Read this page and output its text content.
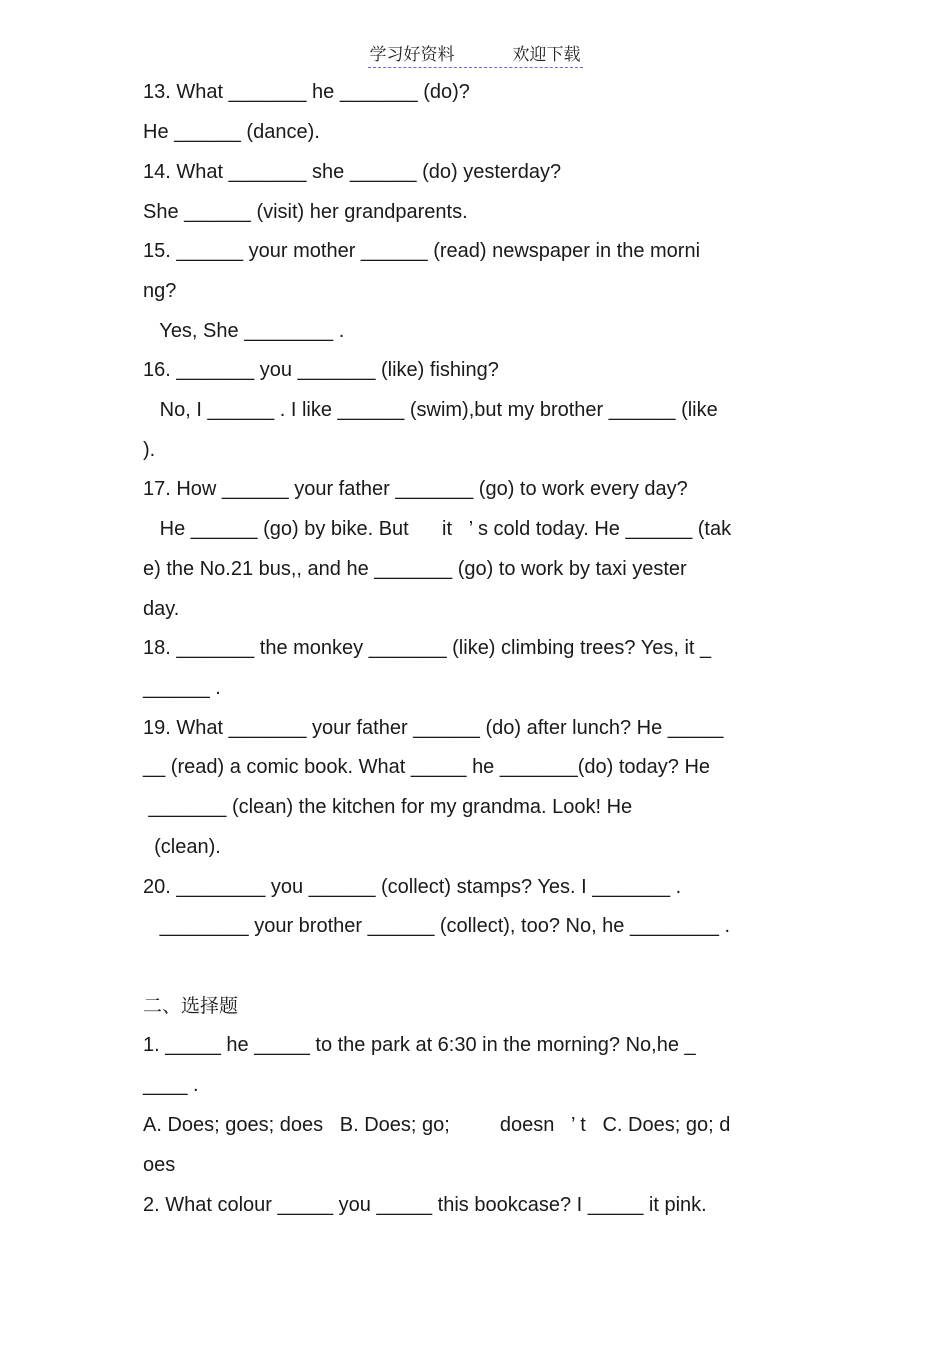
学习好资料	欢迎下载
13. What _______ he _______ (do)?
He ______ (dance).
14. What _______ she ______ (do) yesterday?
She ______ (visit) her grandparents.
15. ______ your mother ______ (read) newspaper in the morni
ng?
Yes, She ________ .
16. _______ you _______ (like) fishing?
No, I ______ . I like ______ (swim),but my brother ______ (like
).
17. How ______ your father _______ (go) to work every day?
He ______ (go) by bike. But      it   ’ s cold today. He ______ (tak
e) the No.21 bus,, and he _______ (go) to work by taxi yester
day.
18. _______ the monkey _______ (like) climbing trees? Yes, it _
______ .
19. What _______ your father ______ (do) after lunch? He _____
__ (read) a comic book. What _____ he _______(do) today? He
_______ (clean) the kitchen for my grandma. Look! He
(clean).
20. ________ you ______ (collect) stamps? Yes. I _______ .
________ your brother ______ (collect), too? No, he ________ .
二、选择题
1. _____ he _____ to the park at 6:30 in the morning? No,he _
____ .
A. Does; goes; does   B. Does; go;         doesn   ’ t   C. Does; go; d
oes
2. What colour _____ you _____ this bookcase? I _____ it pink.
